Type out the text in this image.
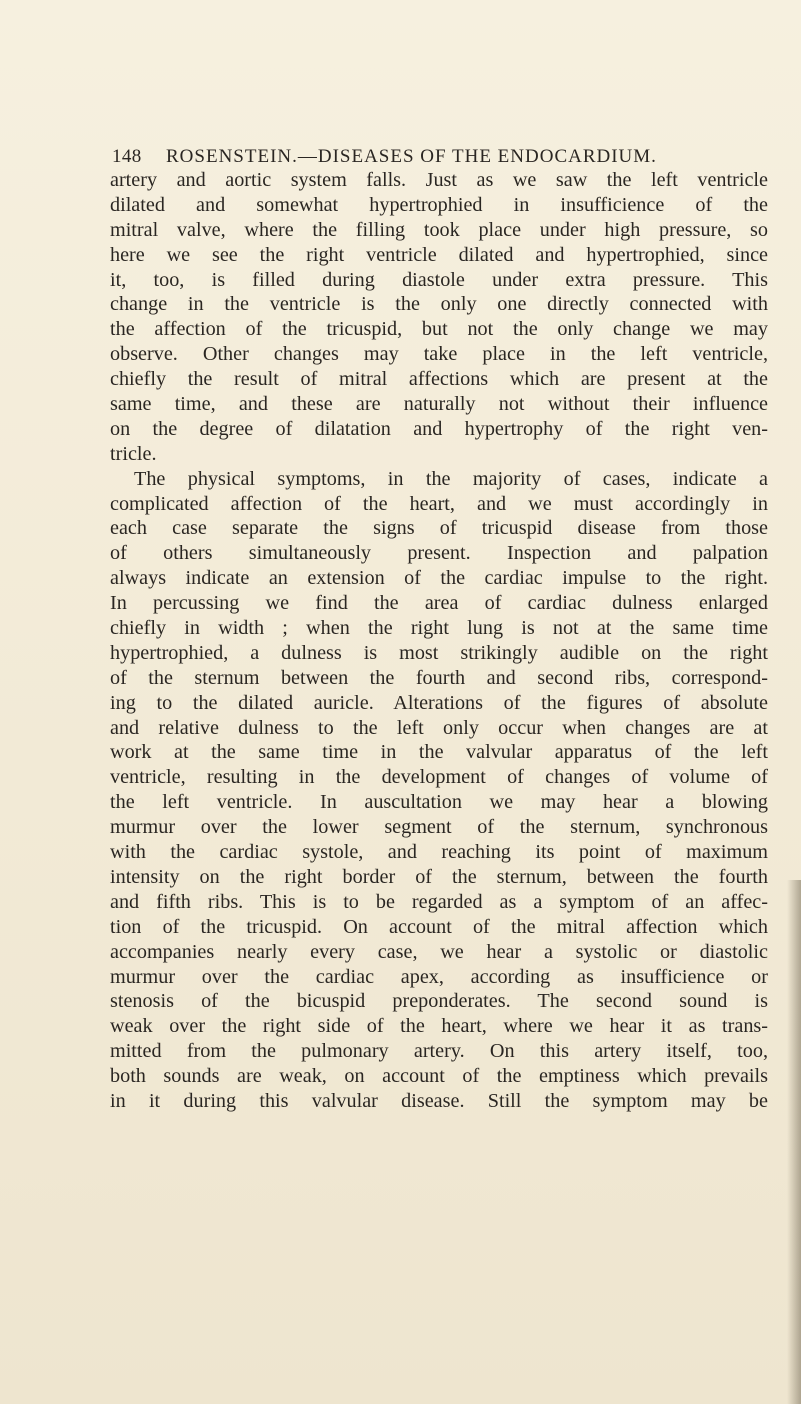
148 ROSENSTEIN.—DISEASES OF THE ENDOCARDIUM.
artery and aortic system falls. Just as we saw the left ventricle
dilated and somewhat hypertrophied in insufficience of the
mitral valve, where the filling took place under high pressure, so
here we see the right ventricle dilated and hypertrophied, since
it, too, is filled during diastole under extra pressure. This
change in the ventricle is the only one directly connected with
the affection of the tricuspid, but not the only change we may
observe. Other changes may take place in the left ventricle,
chiefly the result of mitral affections which are present at the
same time, and these are naturally not without their influence
on the degree of dilatation and hypertrophy of the right ven-
tricle.
The physical symptoms, in the majority of cases, indicate a
complicated affection of the heart, and we must accordingly in
each case separate the signs of tricuspid disease from those
of others simultaneously present. Inspection and palpation
always indicate an extension of the cardiac impulse to the right.
In percussing we find the area of cardiac dulness enlarged
chiefly in width ; when the right lung is not at the same time
hypertrophied, a dulness is most strikingly audible on the right
of the sternum between the fourth and second ribs, correspond-
ing to the dilated auricle. Alterations of the figures of absolute
and relative dulness to the left only occur when changes are at
work at the same time in the valvular apparatus of the left
ventricle, resulting in the development of changes of volume of
the left ventricle. In auscultation we may hear a blowing
murmur over the lower segment of the sternum, synchronous
with the cardiac systole, and reaching its point of maximum
intensity on the right border of the sternum, between the fourth
and fifth ribs. This is to be regarded as a symptom of an affec-
tion of the tricuspid. On account of the mitral affection which
accompanies nearly every case, we hear a systolic or diastolic
murmur over the cardiac apex, according as insufficience or
stenosis of the bicuspid preponderates. The second sound is
weak over the right side of the heart, where we hear it as trans-
mitted from the pulmonary artery. On this artery itself, too,
both sounds are weak, on account of the emptiness which prevails
in it during this valvular disease. Still the symptom may be
